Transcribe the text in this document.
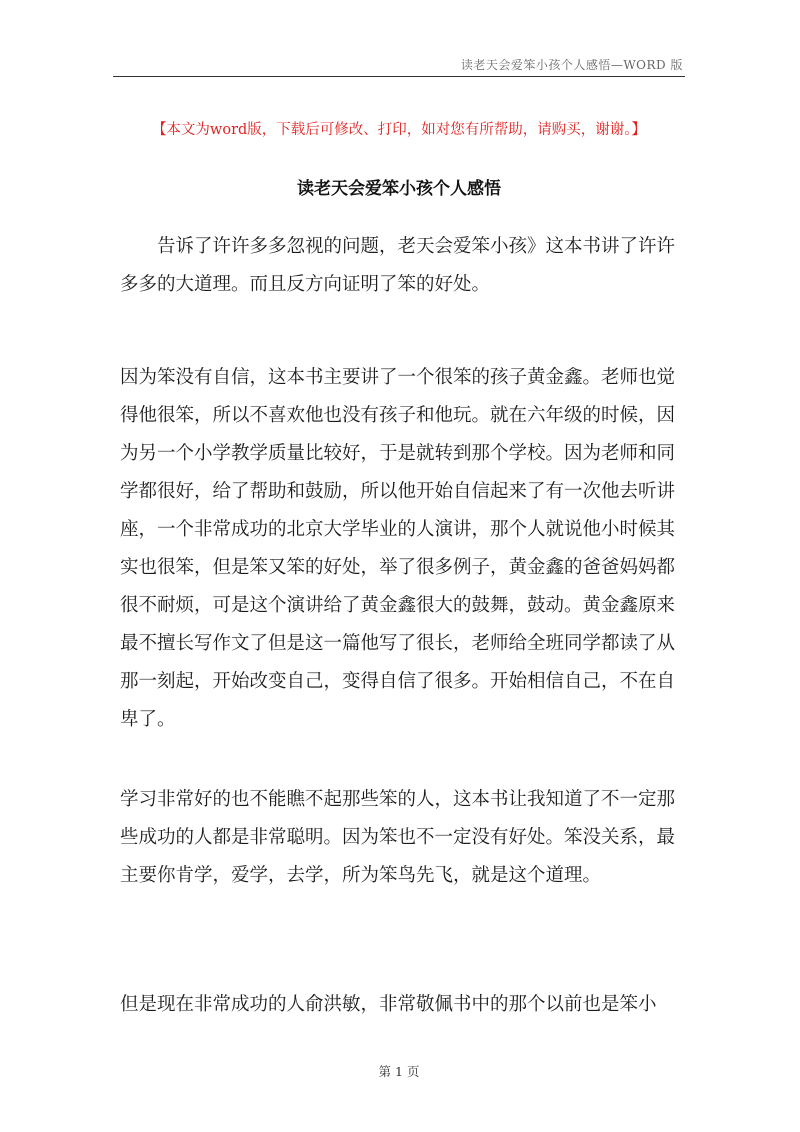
读老天会爱笨小孩个人感悟—WORD 版
【本文为word版，下载后可修改、打印，如对您有所帮助，请购买，谢谢。】
读老天会爱笨小孩个人感悟
告诉了许许多多忽视的问题，老天会爱笨小孩》这本书讲了许许
多多的大道理。而且反方向证明了笨的好处。
因为笨没有自信，这本书主要讲了一个很笨的孩子黄金鑫。老师也觉
得他很笨，所以不喜欢他也没有孩子和他玩。就在六年级的时候，因
为另一个小学教学质量比较好，于是就转到那个学校。因为老师和同
学都很好，给了帮助和鼓励，所以他开始自信起来了有一次他去听讲
座，一个非常成功的北京大学毕业的人演讲，那个人就说他小时候其
实也很笨，但是笨又笨的好处，举了很多例子，黄金鑫的爸爸妈妈都
很不耐烦，可是这个演讲给了黄金鑫很大的鼓舞，鼓动。黄金鑫原来
最不擅长写作文了但是这一篇他写了很长，老师给全班同学都读了从
那一刻起，开始改变自己，变得自信了很多。开始相信自己，不在自
卑了。
学习非常好的也不能瞧不起那些笨的人，这本书让我知道了不一定那
些成功的人都是非常聪明。因为笨也不一定没有好处。笨没关系，最
主要你肯学，爱学，去学，所为笨鸟先飞，就是这个道理。
但是现在非常成功的人俞洪敏，非常敬佩书中的那个以前也是笨小
第 1 页
